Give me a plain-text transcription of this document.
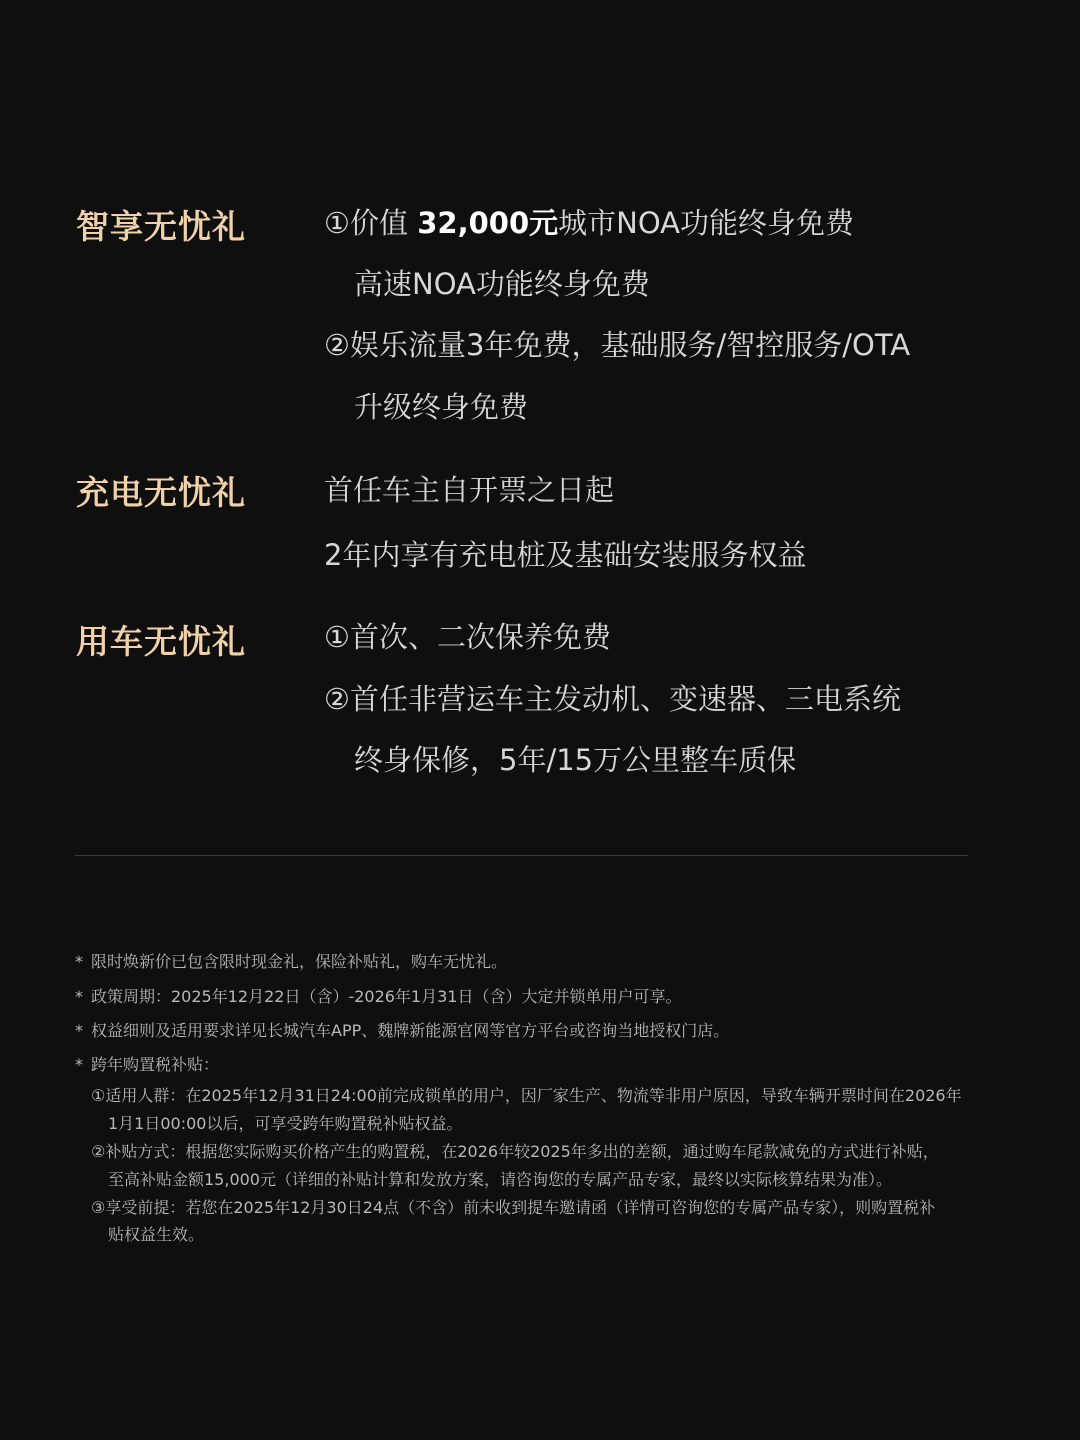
智享无忧礼	①价值 32,000元城市NOA功能终身免费
高速NOA功能终身免费
②娱乐流量3年免费，基础服务/智控服务/OTA
升级终身免费
充电无忧礼	首任车主自开票之日起
2年内享有充电桩及基础安装服务权益
用车无忧礼	①首次、二次保养免费
②首任非营运车主发动机、变速器、三电系统
终身保修，5年/15万公里整车质保
* 限时焕新价已包含限时现金礼，保险补贴礼，购车无忧礼。
* 政策周期：2025年12月22日（含）-2026年1月31日（含）大定并锁单用户可享。
* 权益细则及适用要求详见长城汽车APP、魏牌新能源官网等官方平台或咨询当地授权门店。
* 跨年购置税补贴：
①适用人群：在2025年12月31日24:00前完成锁单的用户，因厂家生产、物流等非用户原因，导致车辆开票时间在2026年
1月1日00:00以后，可享受跨年购置税补贴权益。
②补贴方式：根据您实际购买价格产生的购置税，在2026年较2025年多出的差额，通过购车尾款减免的方式进行补贴，
至高补贴金额15,000元（详细的补贴计算和发放方案，请咨询您的专属产品专家，最终以实际核算结果为准）。
③享受前提：若您在2025年12月30日24点（不含）前未收到提车邀请函（详情可咨询您的专属产品专家），则购置税补
贴权益生效。
